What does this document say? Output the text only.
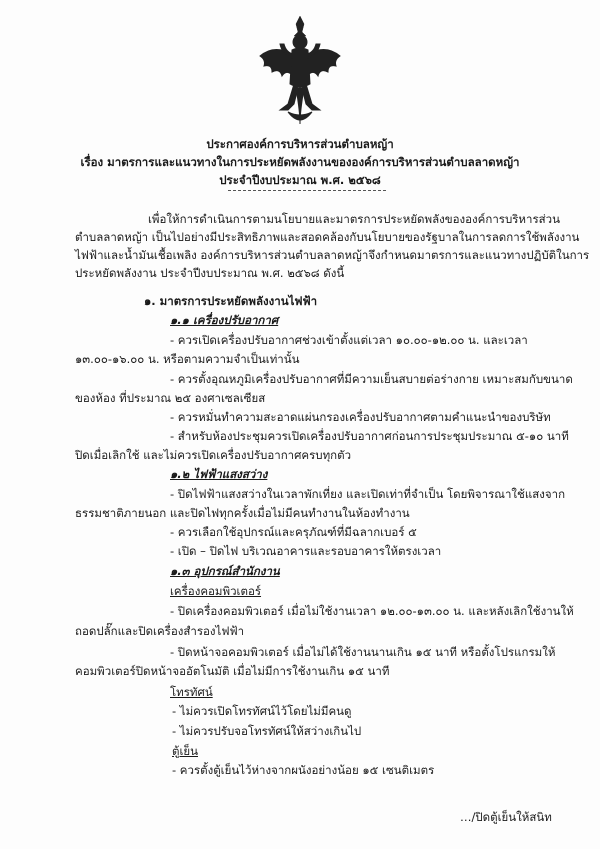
ประกาศองค์การบริหารส่วนตำบลหญ้า
เรื่อง มาตรการและแนวทางในการประหยัดพลังงานขององค์การบริหารส่วนตำบลลาดหญ้า
ประจำปีงบประมาณ พ.ศ. ๒๕๖๘
เพื่อให้การดำเนินการตามนโยบายและมาตรการประหยัดพลังขององค์การบริหารส่วน
ตำบลลาดหญ้า เป็นไปอย่างมีประสิทธิภาพและสอดคล้องกับนโยบายของรัฐบาลในการลดการใช้พลังงาน
ไฟฟ้าและน้ำมันเชื้อเพลิง องค์การบริหารส่วนตำบลลาดหญ้าจึงกำหนดมาตรการและแนวทางปฏิบัติในการ
ประหยัดพลังงาน ประจำปีงบประมาณ พ.ศ. ๒๕๖๘ ดังนี้
๑. มาตรการประหยัดพลังงานไฟฟ้า
๑.๑ เครื่องปรับอากาศ
- ควรเปิดเครื่องปรับอากาศช่วงเข้าตั้งแต่เวลา ๑๐.๐๐-๑๒.๐๐ น. และเวลา
๑๓.๐๐-๑๖.๐๐ น. หรือตามความจำเป็นเท่านั้น
- ควรตั้งอุณหภูมิเครื่องปรับอากาศที่มีความเย็นสบายต่อร่างกาย เหมาะสมกับขนาด
ของห้อง ที่ประมาณ ๒๕ องศาเซลเซียส
- ควรหมั่นทำความสะอาดแผ่นกรองเครื่องปรับอากาศตามคำแนะนำของบริษัท
- สำหรับห้องประชุมควรเปิดเครื่องปรับอากาศก่อนการประชุมประมาณ ๕-๑๐ นาที
ปิดเมื่อเลิกใช้ และไม่ควรเปิดเครื่องปรับอากาศครบทุกตัว
๑.๒ ไฟฟ้าแสงสว่าง
- ปิดไฟฟ้าแสงสว่างในเวลาพักเที่ยง และเปิดเท่าที่จำเป็น โดยพิจารณาใช้แสงจาก
ธรรมชาติภายนอก และปิดไฟทุกครั้งเมื่อไม่มีคนทำงานในห้องทำงาน
- ควรเลือกใช้อุปกรณ์และครุภัณฑ์ที่มีฉลากเบอร์ ๕
- เปิด – ปิดไฟ บริเวณอาคารและรอบอาคารให้ตรงเวลา
๑.๓ อุปกรณ์สำนักงาน
เครื่องคอมพิวเตอร์
- ปิดเครื่องคอมพิวเตอร์ เมื่อไม่ใช้งานเวลา ๑๒.๐๐-๑๓.๐๐ น. และหลังเลิกใช้งานให้
ถอดปลั๊กและปิดเครื่องสำรองไฟฟ้า
- ปิดหน้าจอคอมพิวเตอร์ เมื่อไม่ได้ใช้งานนานเกิน ๑๕ นาที หรือตั้งโปรแกรมให้
คอมพิวเตอร์ปิดหน้าจออัตโนมัติ เมื่อไม่มีการใช้งานเกิน ๑๕ นาที
โทรทัศน์
- ไม่ควรเปิดโทรทัศน์ไว้โดยไม่มีคนดู
- ไม่ควรปรับจอโทรทัศน์ให้สว่างเกินไป
ตู้เย็น
- ควรตั้งตู้เย็นไว้ห่างจากผนังอย่างน้อย ๑๕ เซนติเมตร
…/ปิดตู้เย็นให้สนิท
